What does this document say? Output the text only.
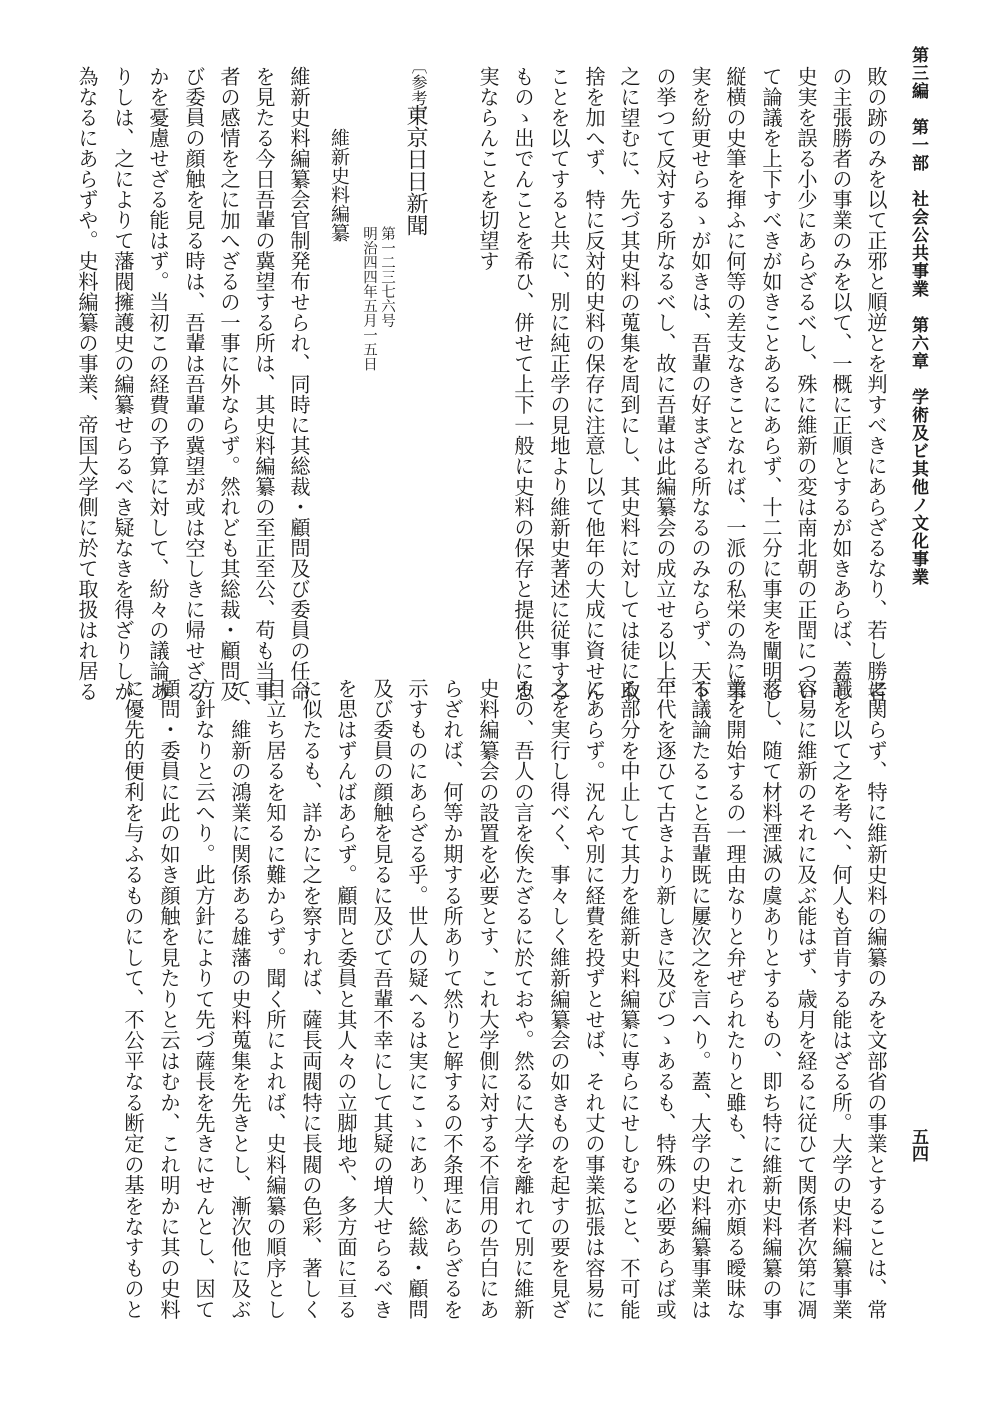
第三編　第一部　社会公共事業　第六章　学術及ビ其他ノ文化事業
五四
敗の跡のみを以て正邪と順逆とを判すべきにあらざるなり、若し勝者
の主張勝者の事業のみを以て、一概に正順とするが如きあらば、蓋し
史実を誤る小少にあらざるべし、殊に維新の変は南北朝の正閏につい
て論議を上下すべきが如きことあるにあらず、十二分に事実を闡明し
縦横の史筆を揮ふに何等の差支なきことなれば、一派の私栄の為に事
実を紛更せらるゝが如きは、吾輩の好まざる所なるのみならず、天下
の挙つて反対する所なるべし、故に吾輩は此編纂会の成立せる以上、
之に望むに、先づ其史料の蒐集を周到にし、其史料に対しては徒に取
捨を加へず、特に反対的史料の保存に注意し以て他年の大成に資せん
ことを以てすると共に、別に純正学の見地より維新史著述に従事する
ものゝ出でんことを希ひ、併せて上下一般に史料の保存と提供とに忠
実ならんことを切望す
〔参考〕
東京日日新聞
第一二三七六号
明治四四年五月一五日
維新史料編纂
維新史料編纂会官制発布せられ、同時に其総裁・顧問及び委員の任命
を見たる今日吾輩の冀望する所は、其史料編纂の至正至公、苟も当事
者の感情を之に加へざるの一事に外ならず。然れども其総裁・顧問及
び委員の顔触を見る時は、吾輩は吾輩の冀望が或は空しきに帰せざる
かを憂慮せざる能はず。当初この経費の予算に対して、紛々の議論あ
りしは、之によりて藩閥擁護史の編纂せらるべき疑なきを得ざりしが
為なるにあらずや。史料編纂の事業、帝国大学側に於て取扱はれ居る
に関らず、特に維新史料の編纂のみを文部省の事業とすることは、常
識を以て之を考へ、何人も首肯する能はざる所。大学の史料編纂事業
容易に維新のそれに及ぶ能はず、歳月を経るに従ひて関係者次第に凋
落し、随て材料湮滅の虞ありとするもの、即ち特に維新史料編纂の事
業を開始するの一理由なりと弁ぜられたりと雖も、これ亦頗る曖昧な
る議論たること吾輩既に屢次之を言へり。蓋、大学の史料編纂事業は
年代を逐ひて古きより新しきに及びつゝあるも、特殊の必要あらば或
る部分を中止して其力を維新史料編纂に専らにせしむること、不可能
にあらず。況んや別に経費を投ずとせば、それ丈の事業拡張は容易に
之を実行し得べく、事々しく維新編纂会の如きものを起すの要を見ざ
るの、吾人の言を俟たざるに於ておや。然るに大学を離れて別に維新
史料編纂会の設置を必要とす、これ大学側に対する不信用の告白にあ
らざれば、何等か期する所ありて然りと解するの不条理にあらざるを
示すものにあらざる乎。世人の疑へるは実にこゝにあり、総裁・顧問
及び委員の顔触を見るに及びて吾輩不幸にして其疑の増大せらるべき
を思はずんばあらず。顧問と委員と其人々の立脚地や、多方面に亘る
に似たるも、詳かに之を察すれば、薩長両閥特に長閥の色彩、著しく
目立ち居るを知るに難からず。聞く所によれば、史料編纂の順序とし
て、維新の鴻業に関係ある雄藩の史料蒐集を先きとし、漸次他に及ぶ
方針なりと云へり。此方針によりて先づ薩長を先きにせんとし、因て
顧問・委員に此の如き顔触を見たりと云はむか、これ明かに其の史料
に優先的便利を与ふるものにして、不公平なる断定の基をなすものと
